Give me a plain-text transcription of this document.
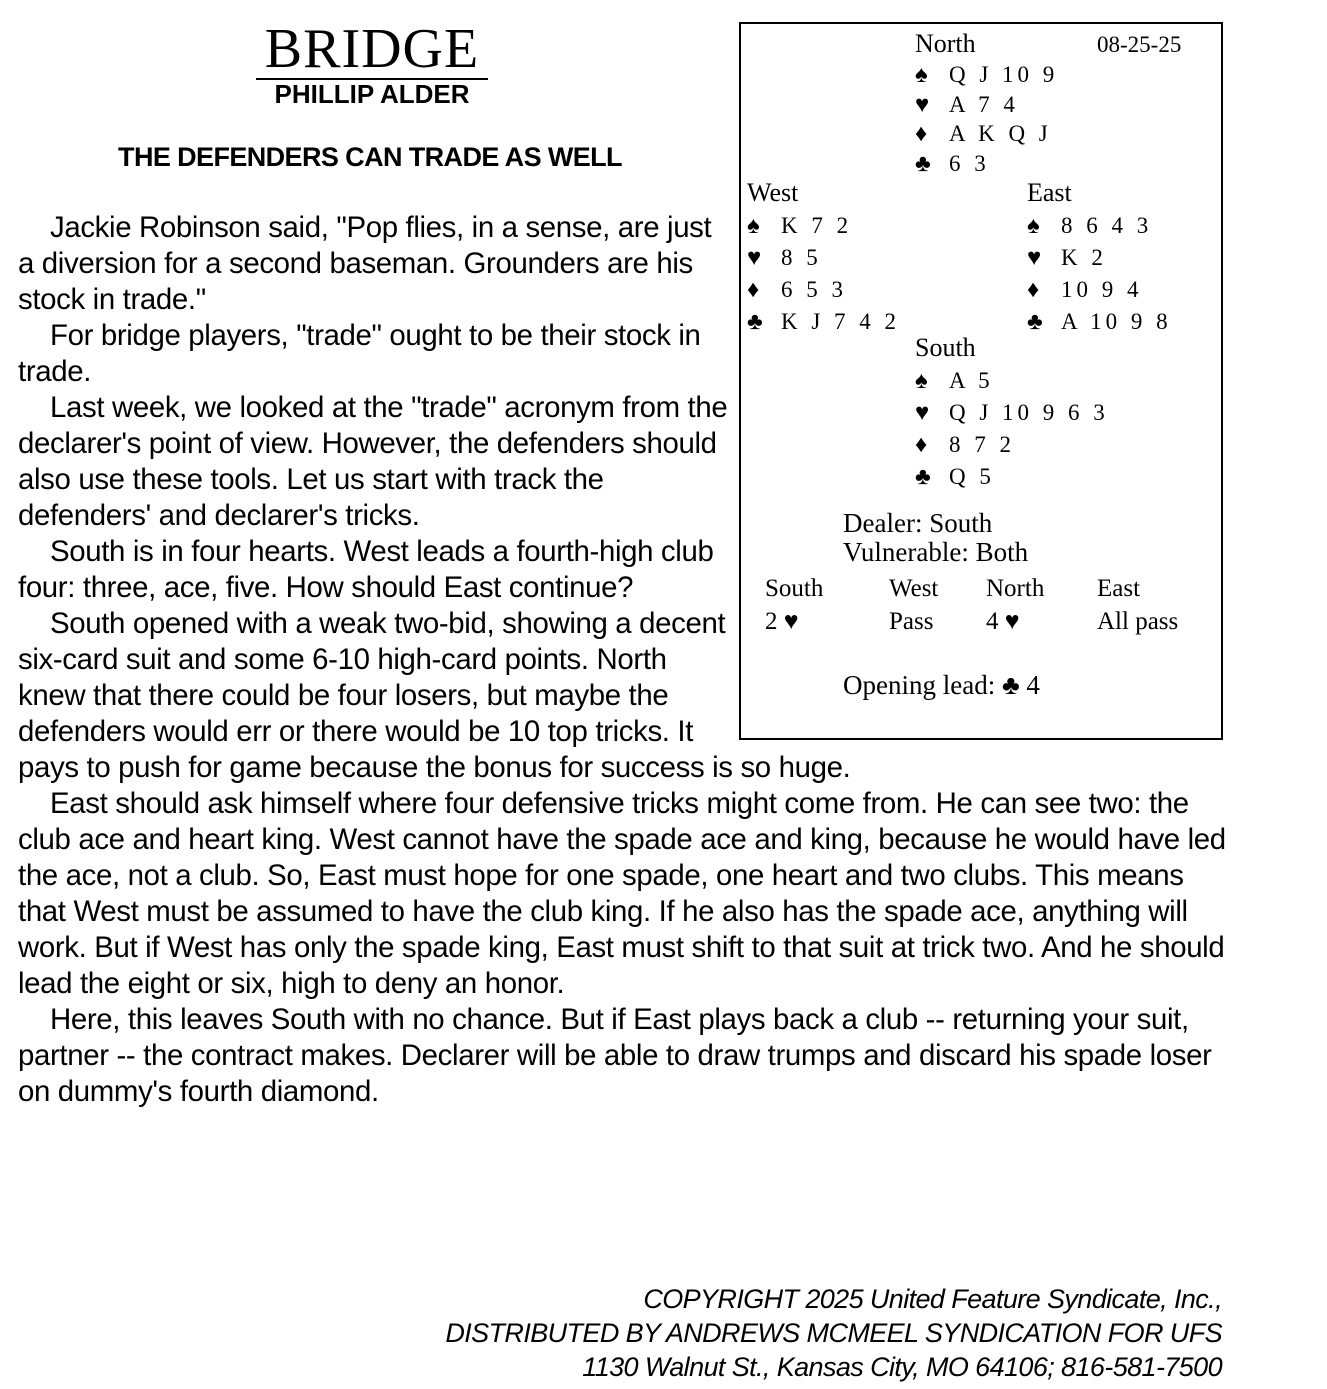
BRIDGE
PHILLIP ALDER
THE DEFENDERS CAN TRADE AS WELL

Jackie Robinson said, "Pop flies, in a sense, are just a diversion for a second baseman. Grounders are his stock in trade."

For bridge players, "trade" ought to be their stock in trade.

Last week, we looked at the "trade" acronym from the declarer's point of view. However, the defenders should also use these tools. Let us start with track the defenders' and declarer's tricks.

South is in four hearts. West leads a fourth-high club four: three, ace, five. How should East continue?

South opened with a weak two-bid, showing a decent six-card suit and some 6-10 high-card points. North knew that there could be four losers, but maybe the defenders would err or there would be 10 top tricks. It pays to push for game because the bonus for success is so huge.

East should ask himself where four defensive tricks might come from. He can see two: the club ace and heart king. West cannot have the spade ace and king, because he would have led the ace, not a club. So, East must hope for one spade, one heart and two clubs. This means that West must be assumed to have the club king. If he also has the spade ace, anything will work. But if West has only the spade king, East must shift to that suit at trick two. And he should lead the eight or six, high to deny an honor.

Here, this leaves South with no chance. But if East plays back a club -- returning your suit, partner -- the contract makes. Declarer will be able to draw trumps and discard his spade loser on dummy's fourth diamond.

08-25-25
North
♠ Q J 10 9
♥ A 7 4
♦ A K Q J
♣ 6 3
West
♠ K 7 2
♥ 8 5
♦ 6 5 3
♣ K J 7 4 2
East
♠ 8 6 4 3
♥ K 2
♦ 10 9 4
♣ A 10 9 8
South
♠ A 5
♥ Q J 10 9 6 3
♦ 8 7 2
♣ Q 5
Dealer: South
Vulnerable: Both
South	West North East
2 ♥	Pass 4 ♥	All pass
Opening lead: ♣ 4
COPYRIGHT 2025 United Feature Syndicate, Inc.,
DISTRIBUTED BY ANDREWS MCMEEL SYNDICATION FOR UFS
1130 Walnut St., Kansas City, MO 64106; 816-581-7500
